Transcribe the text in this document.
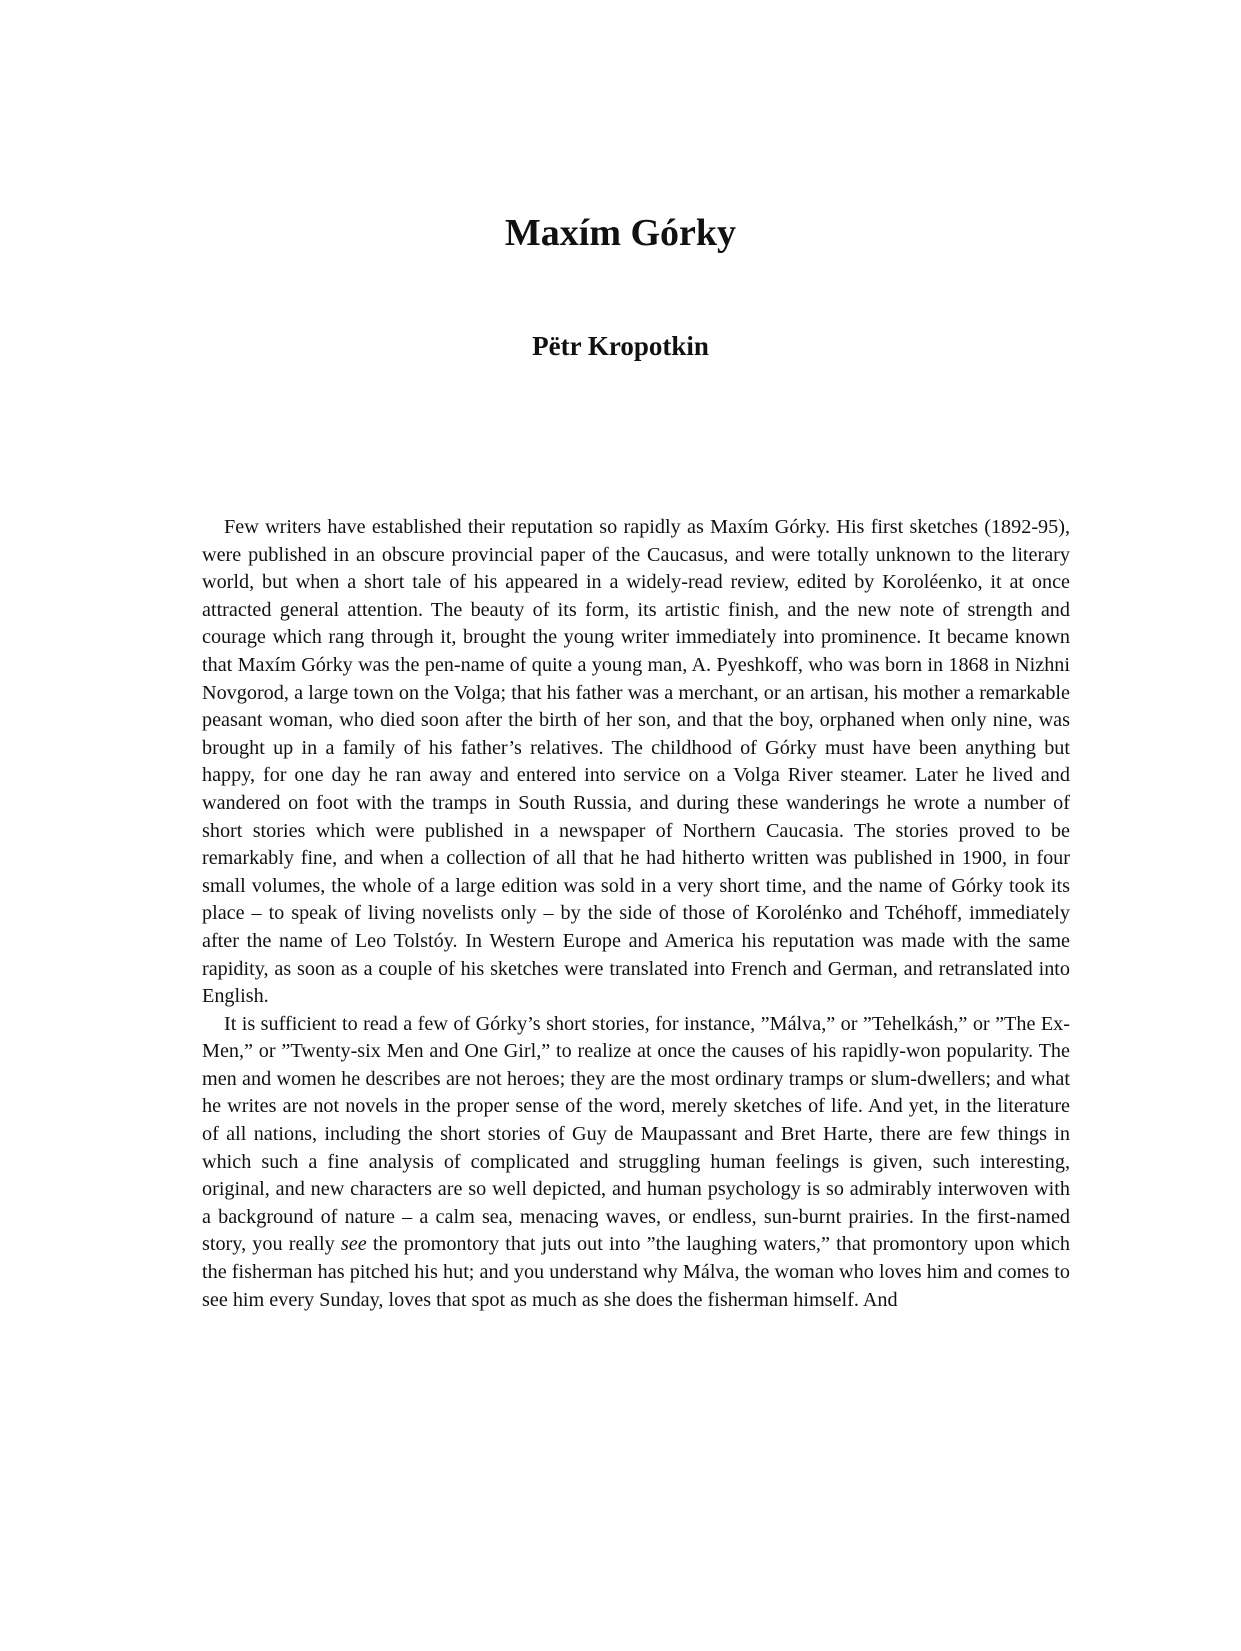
Maxím Górky
Pëtr Kropotkin

Few writers have established their reputation so rapidly as Maxím Górky. His first sketches (1892-95), were published in an obscure provincial paper of the Caucasus, and were totally unknown to the literary world, but when a short tale of his appeared in a widely-read review, edited by Koroléenko, it at once attracted general attention. The beauty of its form, its artistic finish, and the new note of strength and courage which rang through it, brought the young writer immediately into prominence. It became known that Maxím Górky was the pen-name of quite a young man, A. Pyeshkoff, who was born in 1868 in Nizhni Novgorod, a large town on the Volga; that his father was a merchant, or an artisan, his mother a remarkable peasant woman, who died soon after the birth of her son, and that the boy, orphaned when only nine, was brought up in a family of his father’s relatives. The childhood of Górky must have been anything but happy, for one day he ran away and entered into service on a Volga River steamer. Later he lived and wandered on foot with the tramps in South Russia, and during these wanderings he wrote a number of short stories which were published in a newspaper of Northern Caucasia. The stories proved to be remarkably fine, and when a collection of all that he had hitherto written was published in 1900, in four small volumes, the whole of a large edition was sold in a very short time, and the name of Górky took its place – to speak of living novelists only – by the side of those of Korolénko and Tchéhoff, immediately after the name of Leo Tolstóy. In Western Europe and America his reputation was made with the same rapidity, as soon as a couple of his sketches were translated into French and German, and retranslated into English.

It is sufficient to read a few of Górky’s short stories, for instance, ”Málva,” or ”Tehelkásh,” or ”The Ex-Men,” or ”Twenty-six Men and One Girl,” to realize at once the causes of his rapidly-won popularity. The men and women he describes are not heroes; they are the most ordinary tramps or slum-dwellers; and what he writes are not novels in the proper sense of the word, merely sketches of life. And yet, in the literature of all nations, including the short stories of Guy de Maupassant and Bret Harte, there are few things in which such a fine analysis of complicated and struggling human feelings is given, such interesting, original, and new characters are so well depicted, and human psychology is so admirably interwoven with a background of nature – a calm sea, menacing waves, or endless, sun-burnt prairies. In the first-named story, you really see the promontory that juts out into ”the laughing waters,” that promontory upon which the fisherman has pitched his hut; and you understand why Málva, the woman who loves him and comes to see him every Sunday, loves that spot as much as she does the fisherman himself. And
